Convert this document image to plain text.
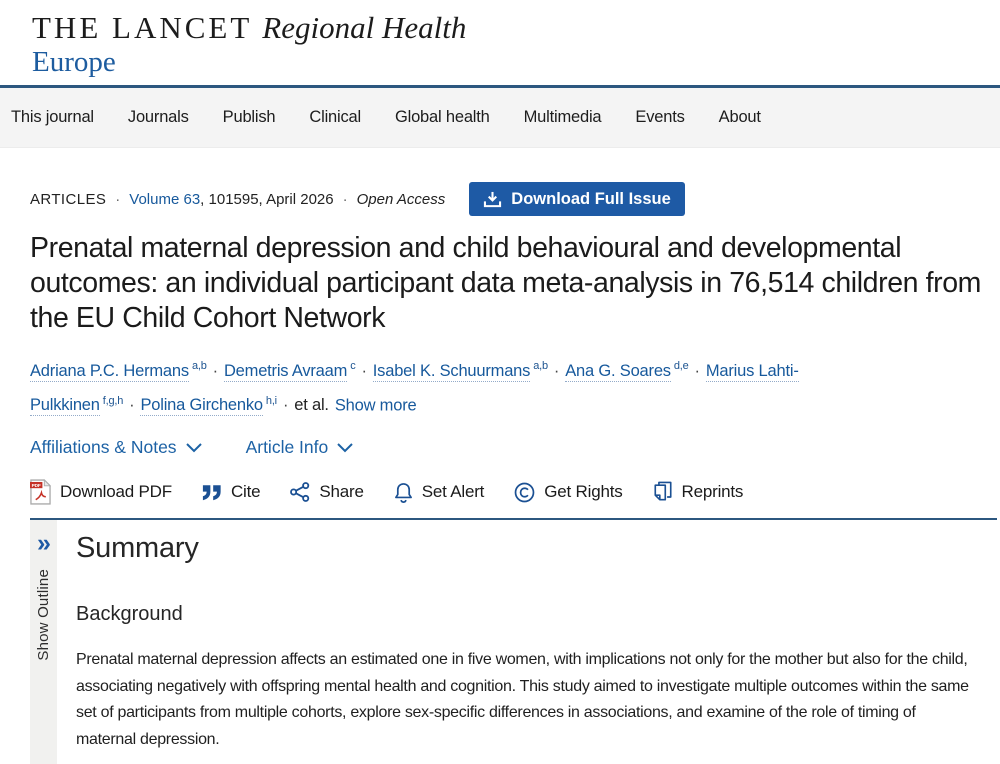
THE LANCET Regional Health
Europe
This journal Journals Publish Clinical Global health Multimedia Events About
ARTICLES · Volume 63 , 101595, April 2026 · Open Access	Download Full Issue
Prenatal maternal depression and child behavioural and developmental outcomes: an individual participant data meta-analysis in 76,514 children from the EU Child Cohort Network

Adriana P.C. Hermans $^{a,b}$ · Demetris Avraam $^c$ · Isabel K. Schuurmans $^{a,b}$ · Ana G. Soares $^{d,e}$ · Marius Lahti-Pulkkinen $^{f,g,h}$ · Polina Girchenko $^{h,i}$ · et al. Show more

Affiliations & Notes	Article Info
PDF Download PDF	Cite	Share	Set Alert	Get Rights	Reprints
»
Show Outline
Summary
Background

Prenatal maternal depression affects an estimated one in five women, with implications not only for the mother but also for the child, associating negatively with offspring mental health and cognition. This study aimed to investigate multiple outcomes within the same set of participants from multiple cohorts, explore sex-specific differences in associations, and examine of the role of timing of maternal depression.
